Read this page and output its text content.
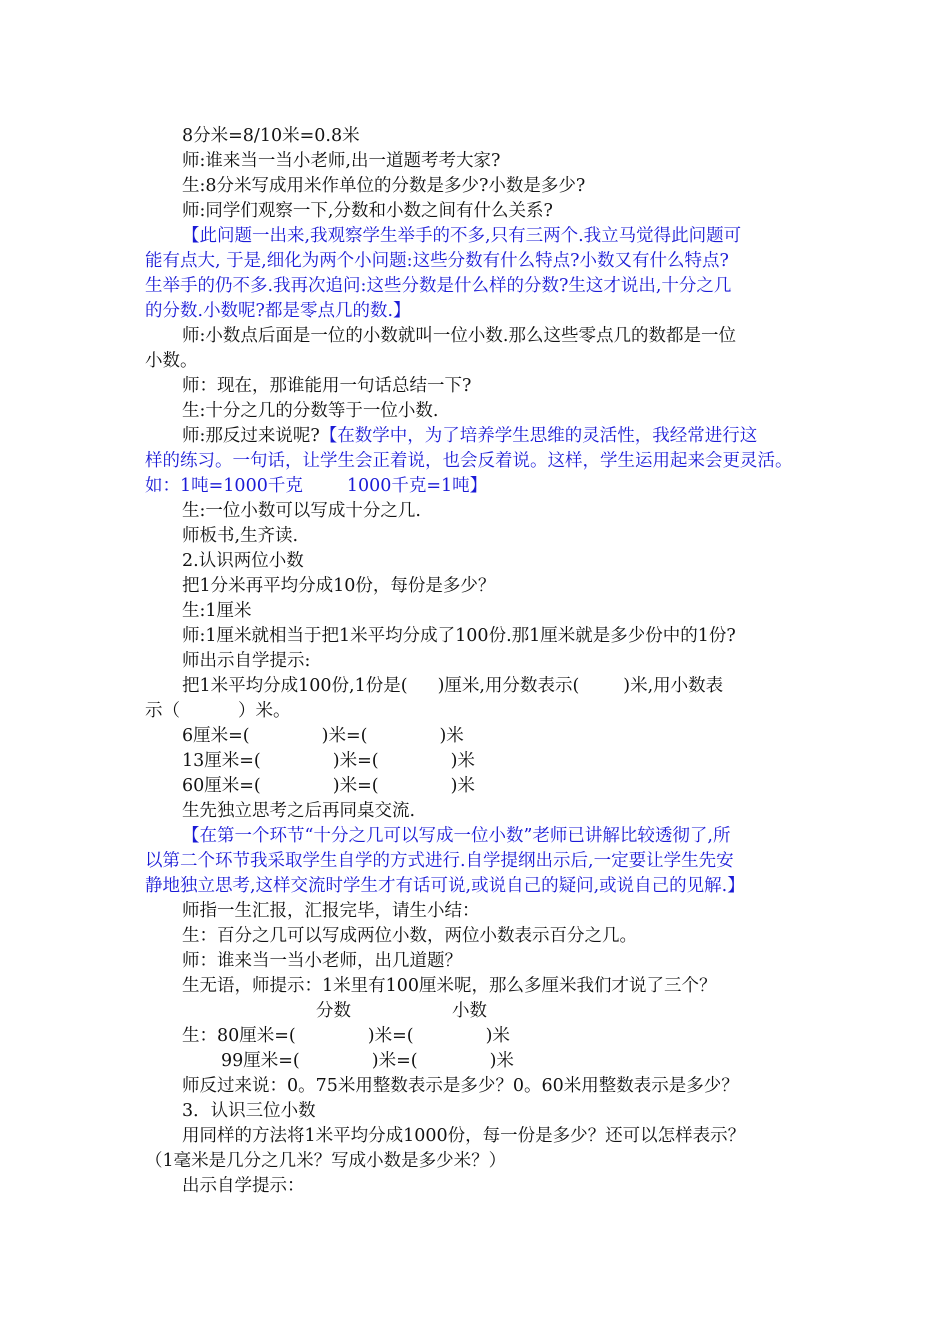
8分米=8/10米=0.8米
师:谁来当一当小老师,出一道题考考大家?
生:8分米写成用米作单位的分数是多少?小数是多少?
师:同学们观察一下,分数和小数之间有什么关系?
【此问题一出来,我观察学生举手的不多,只有三两个.我立马觉得此问题可
能有点大, 于是,细化为两个小问题:这些分数有什么特点?小数又有什么特点?
生举手的仍不多.我再次追问:这些分数是什么样的分数?生这才说出,十分之几
的分数.小数呢?都是零点几的数.】
师:小数点后面是一位的小数就叫一位小数.那么这些零点几的数都是一位
小数。
师：现在，那谁能用一句话总结一下?
生:十分之几的分数等于一位小数.
师:那反过来说呢?【在数学中，为了培养学生思维的灵活性，我经常进行这
样的练习。一句话，让学生会正着说，也会反着说。这样，学生运用起来会更灵活。
如：1吨=1000千克	1000千克=1吨】
生:一位小数可以写成十分之几.
师板书,生齐读.
2.认识两位小数
把1分米再平均分成10份，每份是多少？
生:1厘米
师:1厘米就相当于把1米平均分成了100份.那1厘米就是多少份中的1份?
师出示自学提示:
把1米平均分成100份,1份是( )厘米,用分数表示(	)米,用小数表
示（	）米。
6厘米=(	)米=(	)米
13厘米=(	)米=(	)米
60厘米=(	)米=(	)米
生先独立思考之后再同桌交流.
【在第一个环节“十分之几可以写成一位小数”老师已讲解比较透彻了,所
以第二个环节我采取学生自学的方式进行.自学提纲出示后,一定要让学生先安
静地独立思考,这样交流时学生才有话可说,或说自己的疑问,或说自己的见解.】
师指一生汇报，汇报完毕，请生小结：
生：百分之几可以写成两位小数，两位小数表示百分之几。
师：谁来当一当小老师，出几道题？
生无语，师提示：1米里有100厘米呢，那么多厘米我们才说了三个？
分数	小数
生：80厘米=(	)米=(	)米
99厘米=(	)米=(	)米
师反过来说：0。75米用整数表示是多少？0。60米用整数表示是多少？
3．认识三位小数
用同样的方法将1米平均分成1000份，每一份是多少？还可以怎样表示？
（1毫米是几分之几米？写成小数是多少米？）
出示自学提示：
